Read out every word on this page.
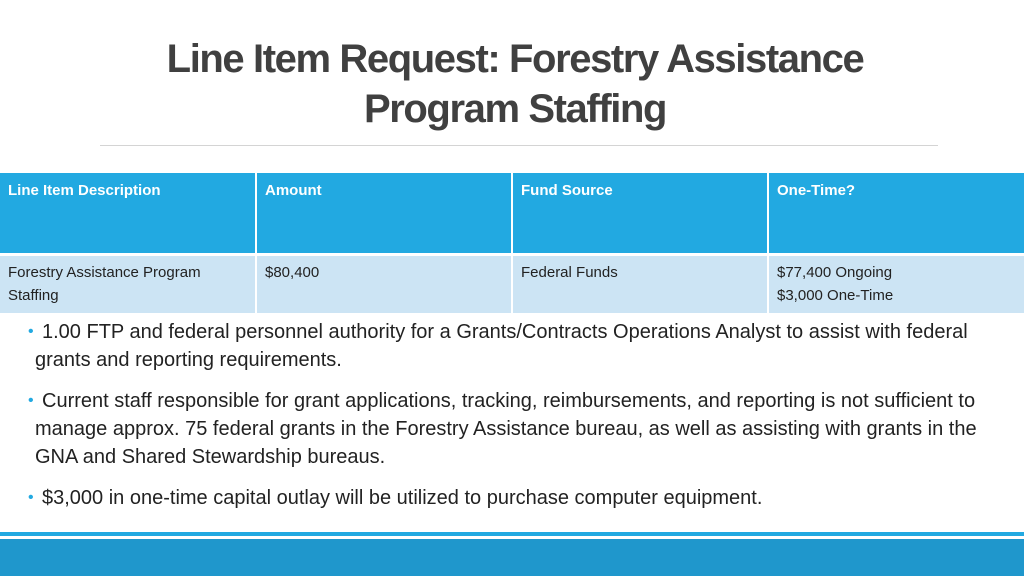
Line Item Request: Forestry Assistance Program Staffing
Line Item Description	Amount	Fund Source	One-Time?
Forestry Assistance Program Staffing	$80,400	Federal Funds	$77,400 Ongoing
$3,000 One-Time
• 1.00 FTP and federal personnel authority for a Grants/Contracts Operations Analyst to assist with federal grants and reporting requirements.
• Current staff responsible for grant applications, tracking, reimbursements, and reporting is not sufficient to manage approx. 75 federal grants in the Forestry Assistance bureau, as well as assisting with grants in the GNA and Shared Stewardship bureaus.
• $3,000 in one-time capital outlay will be utilized to purchase computer equipment.
